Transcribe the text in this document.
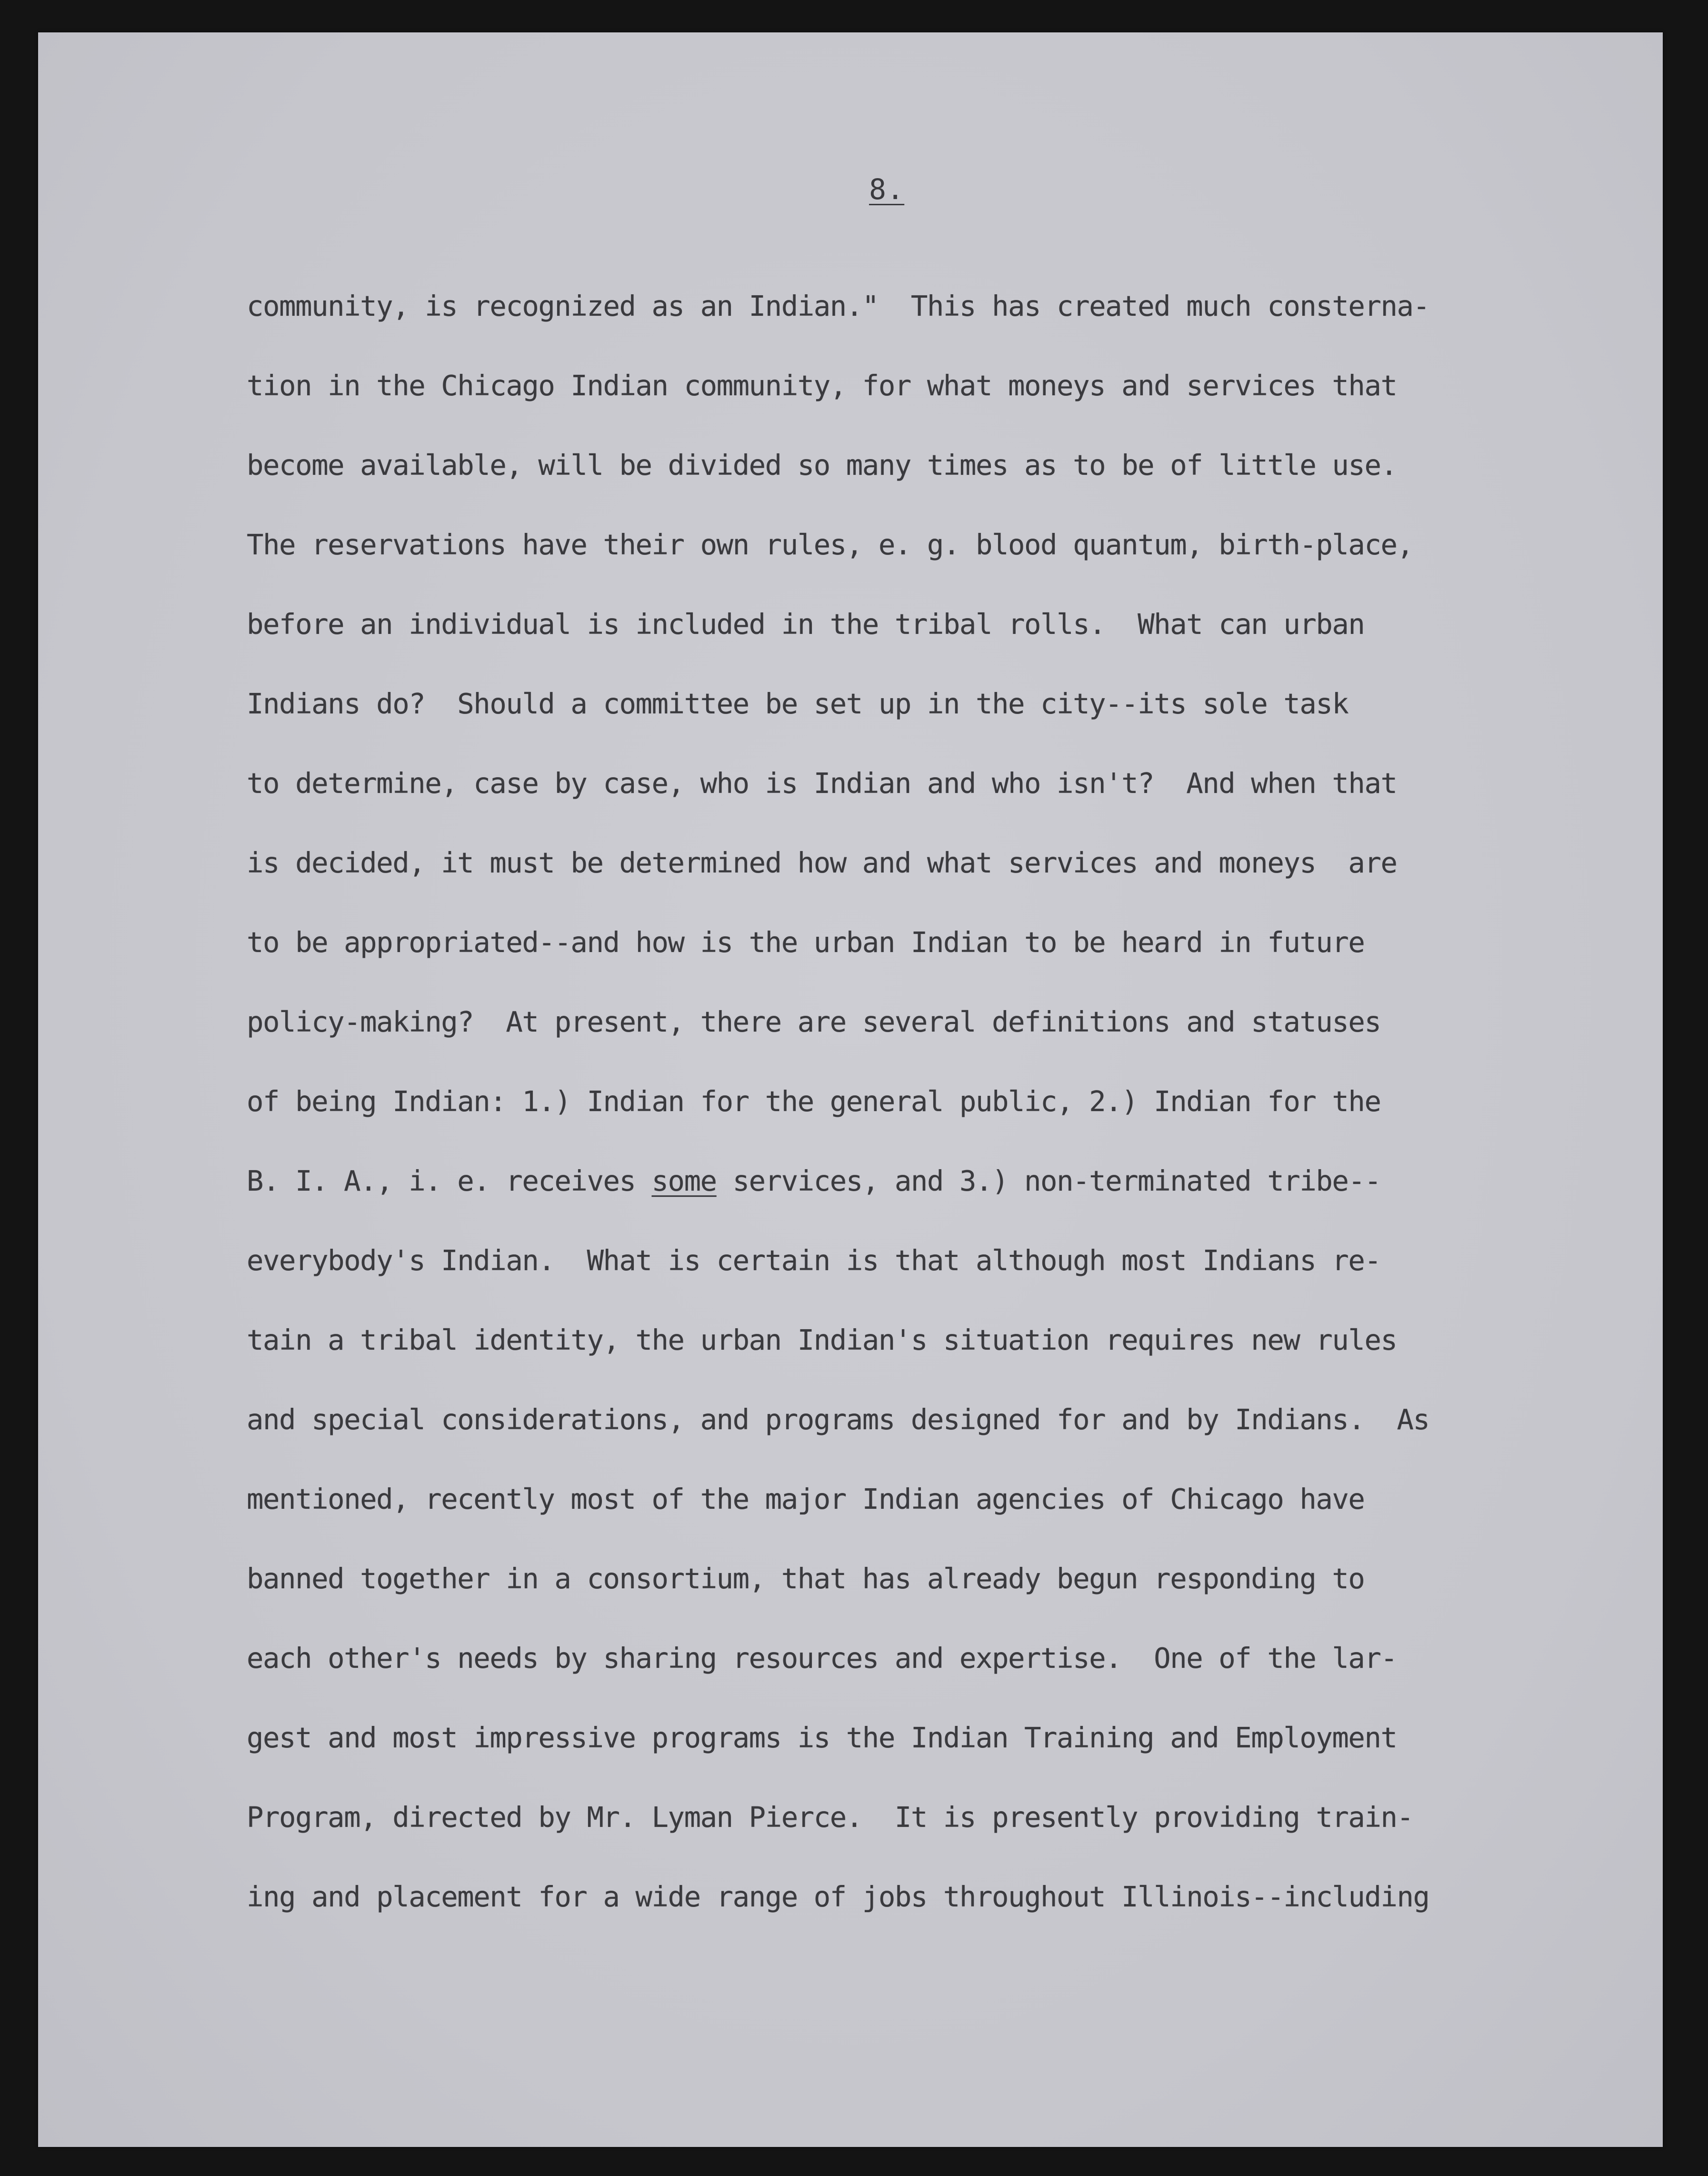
8.
community, is recognized as an Indian."  This has created much consterna-
tion in the Chicago Indian community, for what moneys and services that
become available, will be divided so many times as to be of little use.
The reservations have their own rules, e. g. blood quantum, birth-place,
before an individual is included in the tribal rolls.  What can urban
Indians do?  Should a committee be set up in the city--its sole task
to determine, case by case, who is Indian and who isn't?  And when that
is decided, it must be determined how and what services and moneys  are
to be appropriated--and how is the urban Indian to be heard in future
policy-making?  At present, there are several definitions and statuses
of being Indian: 1.) Indian for the general public, 2.) Indian for the
B. I. A., i. e. receives some services, and 3.) non-terminated tribe--
everybody's Indian.  What is certain is that although most Indians re-
tain a tribal identity, the urban Indian's situation requires new rules
and special considerations, and programs designed for and by Indians.  As
mentioned, recently most of the major Indian agencies of Chicago have
banned together in a consortium, that has already begun responding to
each other's needs by sharing resources and expertise.  One of the lar-
gest and most impressive programs is the Indian Training and Employment
Program, directed by Mr. Lyman Pierce.  It is presently providing train-
ing and placement for a wide range of jobs throughout Illinois--including
